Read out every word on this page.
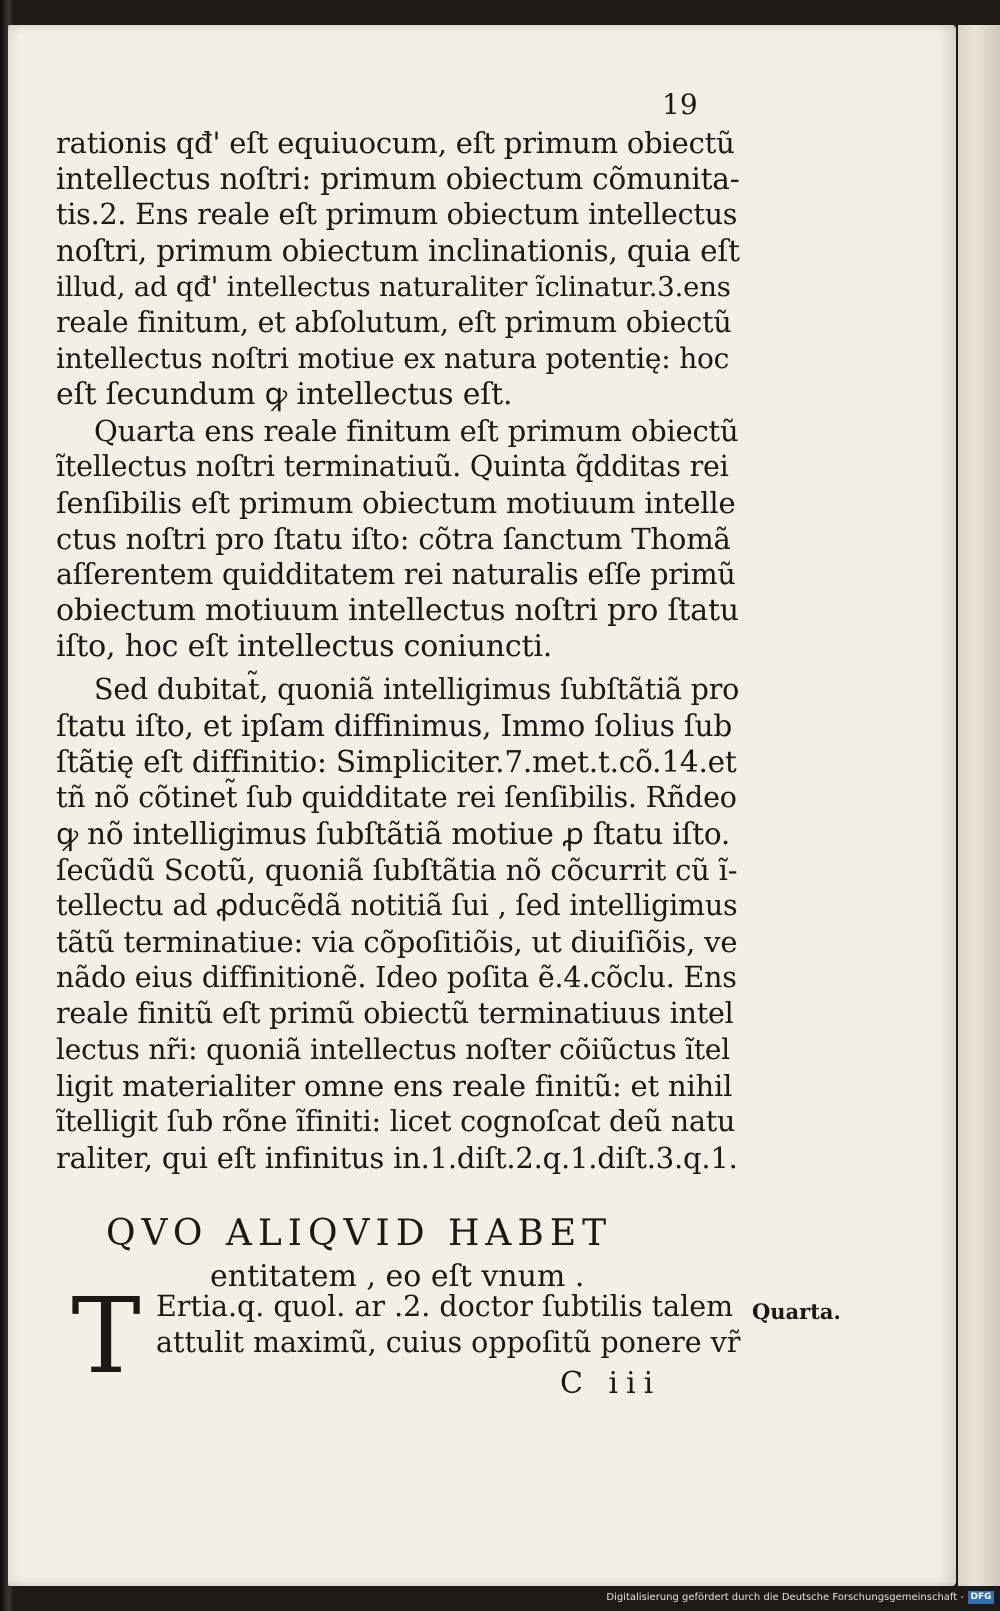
19
rationis qđ' eſt equiuocum, eſt primum obiectũ
intellectus noſtri: primum obiectum cõmunita-
tis.2. Ens reale eſt primum obiectum intellectus
noſtri, primum obiectum inclinationis, quia eſt
illud, ad qđ' intellectus naturaliter ĩclinatur.3.ens
reale finitum, et abſolutum, eſt primum obiectũ
intellectus noſtri motiue ex natura potentię: hoc
eſt ſecundum ꝙ intellectus eſt.
Quarta ens reale finitum eſt primum obiectũ
ĩtellectus noſtri terminatiuũ. Quinta q̃dditas rei
ſenſibilis eſt primum obiectum motiuum intelle
ctus noſtri pro ſtatu iſto: cõtra ſanctum Thomã
aſſerentem quidditatem rei naturalis eſſe primũ
obiectum motiuum intellectus noſtri pro ſtatu
iſto, hoc eſt intellectus coniuncti.
Sed dubitat̃, quoniã intelligimus ſubſtãtiã pro
ſtatu iſto, et ipſam diffinimus, Immo ſolius ſub
ſtãtię eſt diffinitio: Simpliciter.7.met.t.cõ.14.et
tñ nõ cõtinet̃ ſub quidditate rei ſenſibilis. Rñdeo
ꝙ nõ intelligimus ſubſtãtiã motiue ꝓ ſtatu iſto.
ſecũdũ Scotũ, quoniã ſubſtãtia nõ cõcurrit cũ ĩ-
tellectu ad ꝓducẽdã notitiã ſui , ſed intelligimus
tãtũ terminatiue: via cõpoſitiõis, ut diuiſiõis, ve
nãdo eius diffinitionẽ. Ideo poſita ẽ.4.cõclu. Ens
reale finitũ eſt primũ obiectũ terminatiuus intel
lectus nr̃i: quoniã intellectus noſter cõiũctus ĩtel
ligit materialiter omne ens reale finitũ: et nihil
ĩtelligit ſub rõne ĩfiniti: licet cognoſcat deũ natu
raliter, qui eſt infinitus in.1.diſt.2.q.1.diſt.3.q.1.
QVO ALIQVID HABET
entitatem , eo eſt vnum .
T Ertia.q. quol. ar .2. doctor ſubtilis talem
attulit maximũ, cuius oppoſitũ ponere vr̃
Quarta.
C iii
Digitalisierung gefördert durch die Deutsche Forschungsgemeinschaft - DFG
